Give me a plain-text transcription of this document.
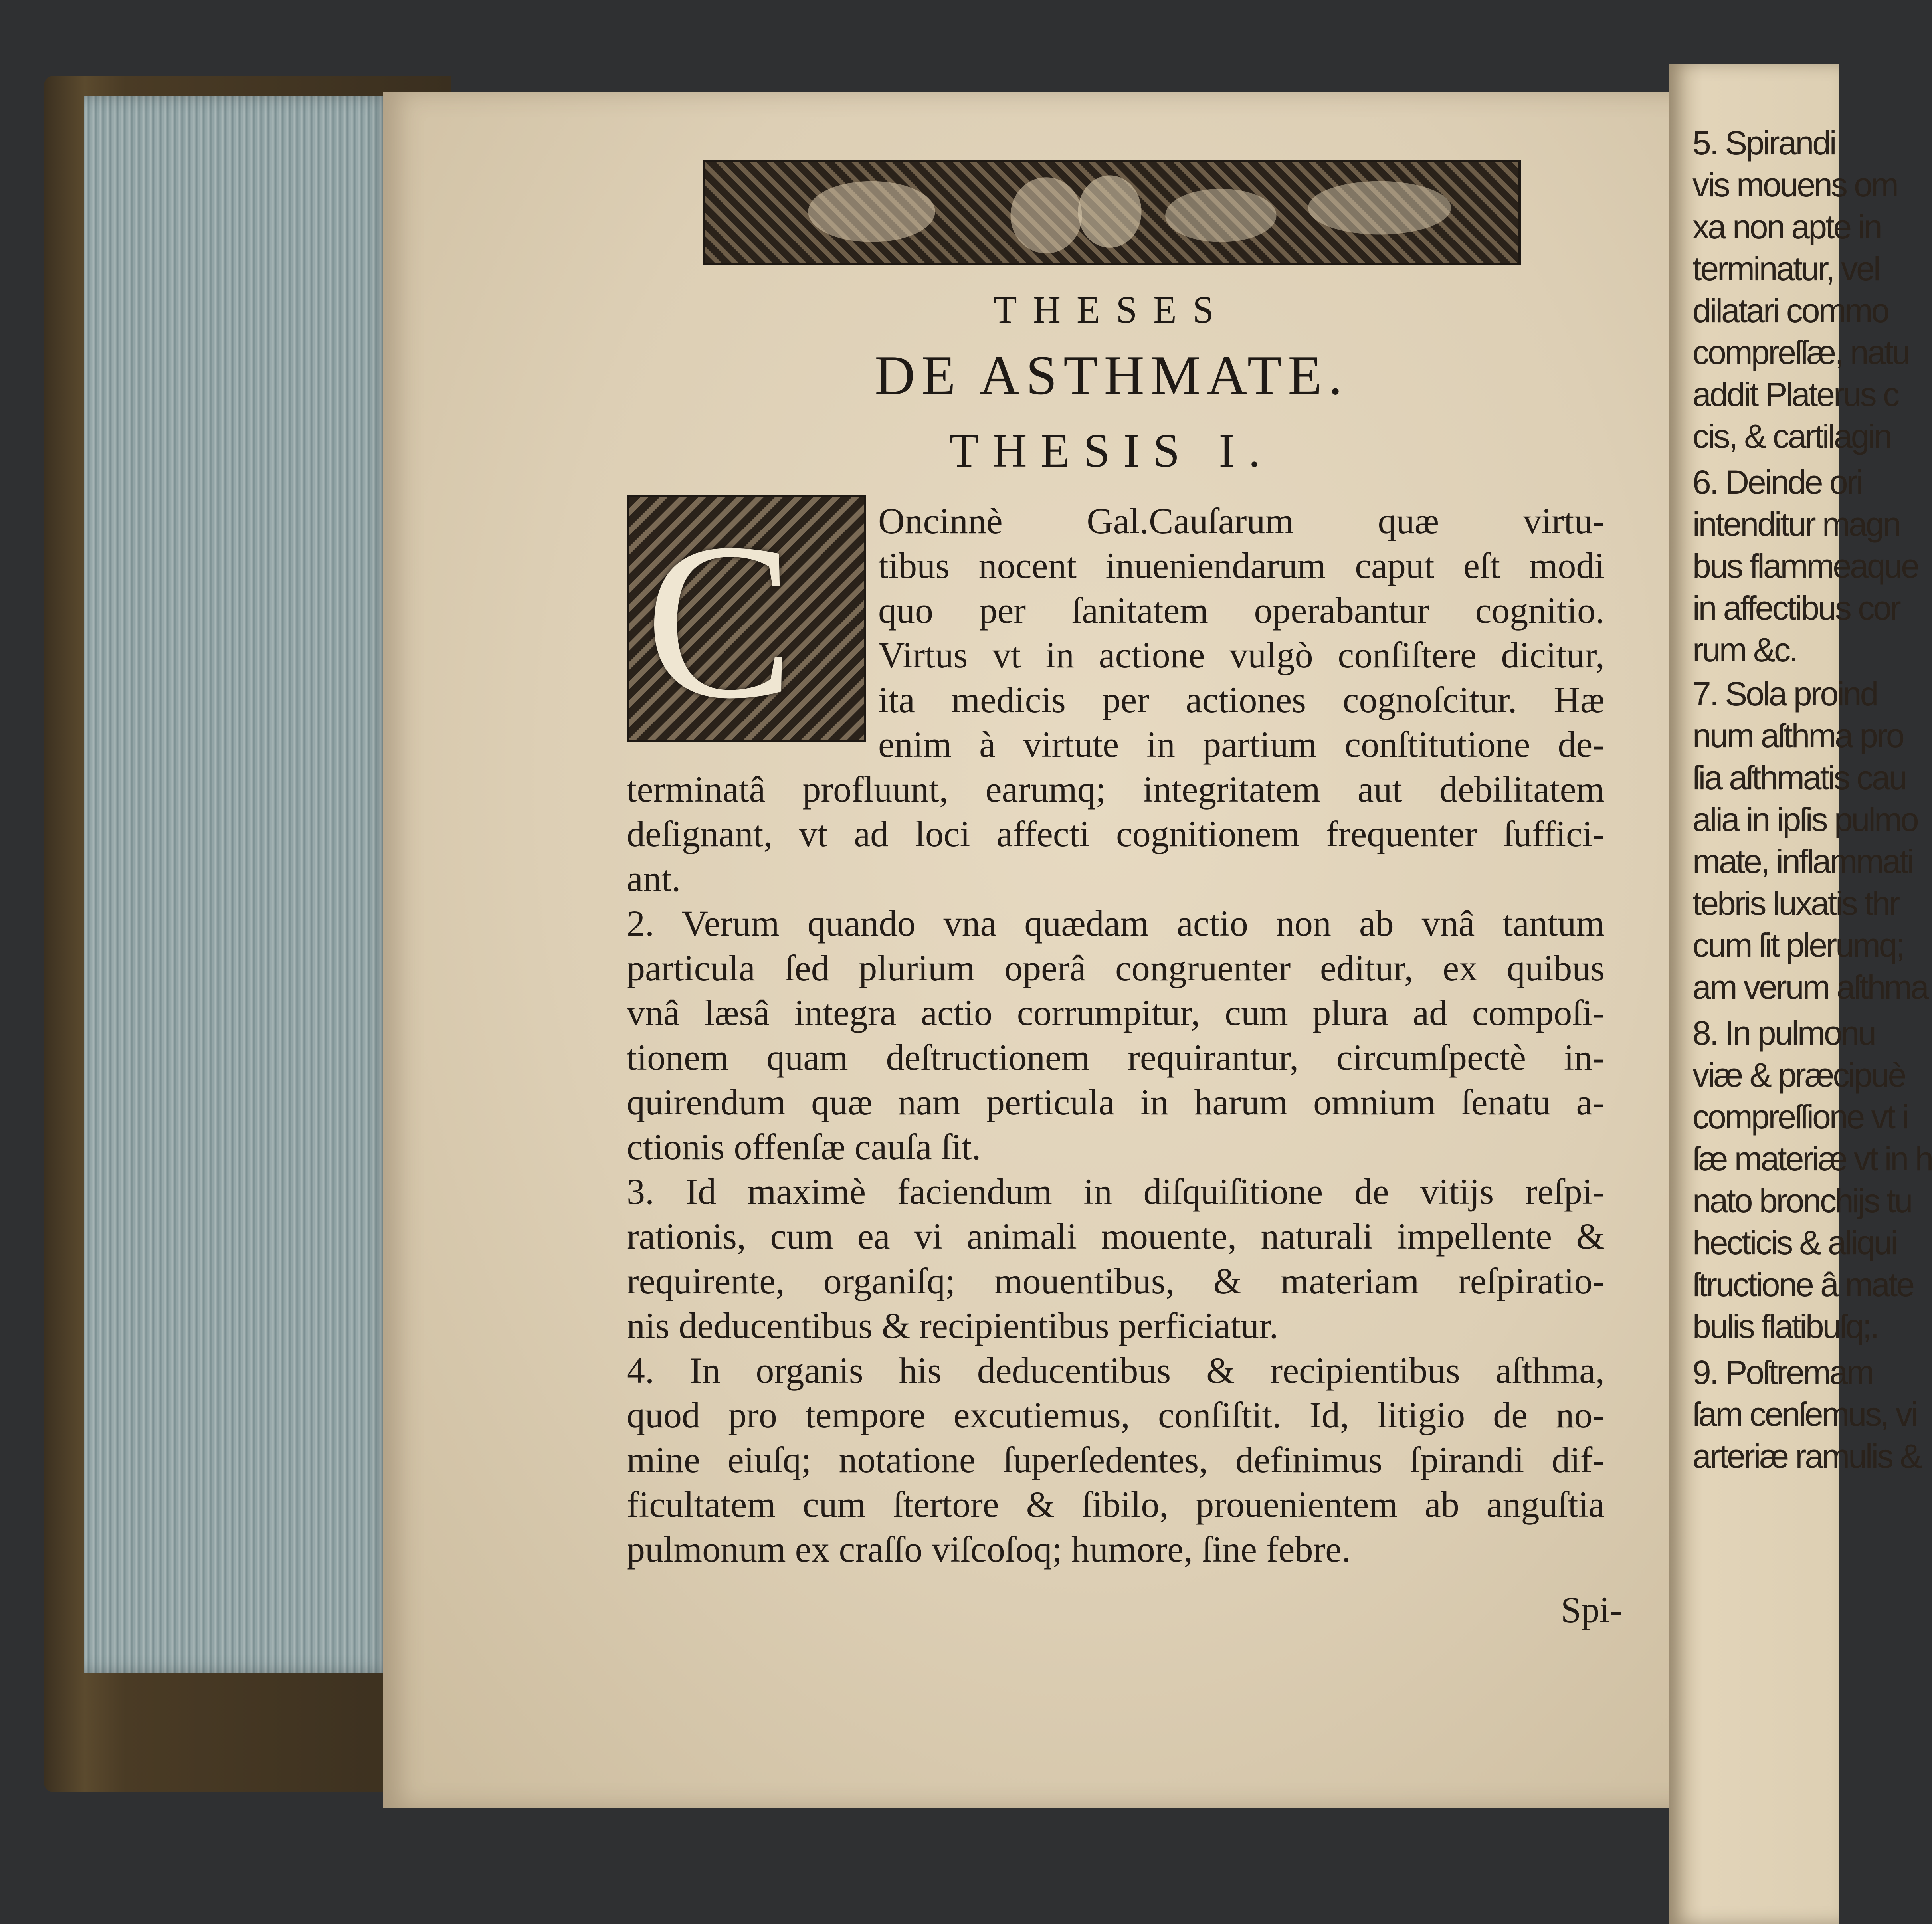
THESES
DE ASTHMATE.
THESIS I.
C Oncinnè Gal.Cauſarum quæ virtu-
tibus nocent inueniendarum caput eſt modi
quo per ſanitatem operabantur cognitio.
Virtus vt in actione vulgò conſiſtere dicitur,
ita medicis per actiones cognoſcitur. Hæ
enim à virtute in partium conſtitutione de-
terminatâ profluunt, earumq; integritatem aut debilitatem
deſignant, vt ad loci affecti cognitionem frequenter ſuffici-
ant.
2. Verum quando vna quædam actio non ab vnâ tantum
particula ſed plurium operâ congruenter editur, ex quibus
vnâ læsâ integra actio corrumpitur, cum plura ad compoſi-
tionem quam deſtructionem requirantur, circumſpectè in-
quirendum quæ nam perticula in harum omnium ſenatu a-
ctionis offenſæ cauſa ſit.
3. Id maximè faciendum in diſquiſitione de vitijs reſpi-
rationis, cum ea vi animali mouente, naturali impellente &
requirente, organiſq; mouentibus, & materiam reſpiratio-
nis deducentibus & recipientibus perficiatur.
4. In organis his deducentibus & recipientibus aſthma,
quod pro tempore excutiemus, conſiſtit. Id, litigio de no-
mine eiuſq; notatione ſuperſedentes, definimus ſpirandi dif-
ficultatem cum ſtertore & ſibilo, prouenientem ab anguſtia
pulmonum ex craſſo viſcoſoq; humore, ſine febre.
Spi-
5. Spirandi
vis mouens om
xa non apte in
terminatur, vel
dilatari commo
compreſſæ, natu
addit Platerus c
cis, & cartilagin
6. Deinde ori
intenditur magn
bus flammeaque
in affectibus cor
rum &c.
7. Sola proind
num aſthma pro
ſia aſthmatis cau
alia in ipſis pulmo
mate, inflammati
tebris luxatis thr
cum ſit plerumq;
am verum aſthma
8. In pulmonu
viæ & præcipuè
compreſſione vt i
ſæ materiæ vt in h
nato bronchijs tu
hecticis & aliqui
ſtructione â mate
bulis flatibuſq;.
9. Poſtremam
ſam cenſemus, vi
arteriæ ramulis &
